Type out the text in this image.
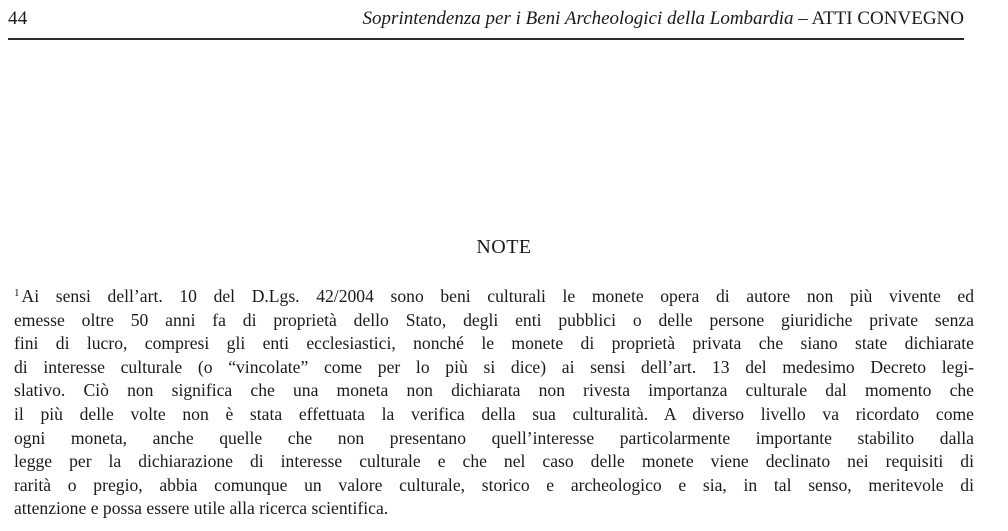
44	Soprintendenza per i Beni Archeologici della Lombardia – ATTI CONVEGNO
NOTE
$^1$ Ai sensi dell’art. 10 del D.Lgs. 42/2004 sono beni culturali le monete opera di autore non più vivente ed
emesse oltre 50 anni fa di proprietà dello Stato, degli enti pubblici o delle persone giuridiche private senza
fini di lucro, compresi gli enti ecclesiastici, nonché le monete di proprietà privata che siano state dichiarate
di interesse culturale (o “vincolate” come per lo più si dice) ai sensi dell’art. 13 del medesimo Decreto legi-
slativo. Ciò non significa che una moneta non dichiarata non rivesta importanza culturale dal momento che
il più delle volte non è stata effettuata la verifica della sua culturalità. A diverso livello va ricordato come
ogni moneta, anche quelle che non presentano quell’interesse particolarmente importante stabilito dalla
legge per la dichiarazione di interesse culturale e che nel caso delle monete viene declinato nei requisiti di
rarità o pregio, abbia comunque un valore culturale, storico e archeologico e sia, in tal senso, meritevole di
attenzione e possa essere utile alla ricerca scientifica.
